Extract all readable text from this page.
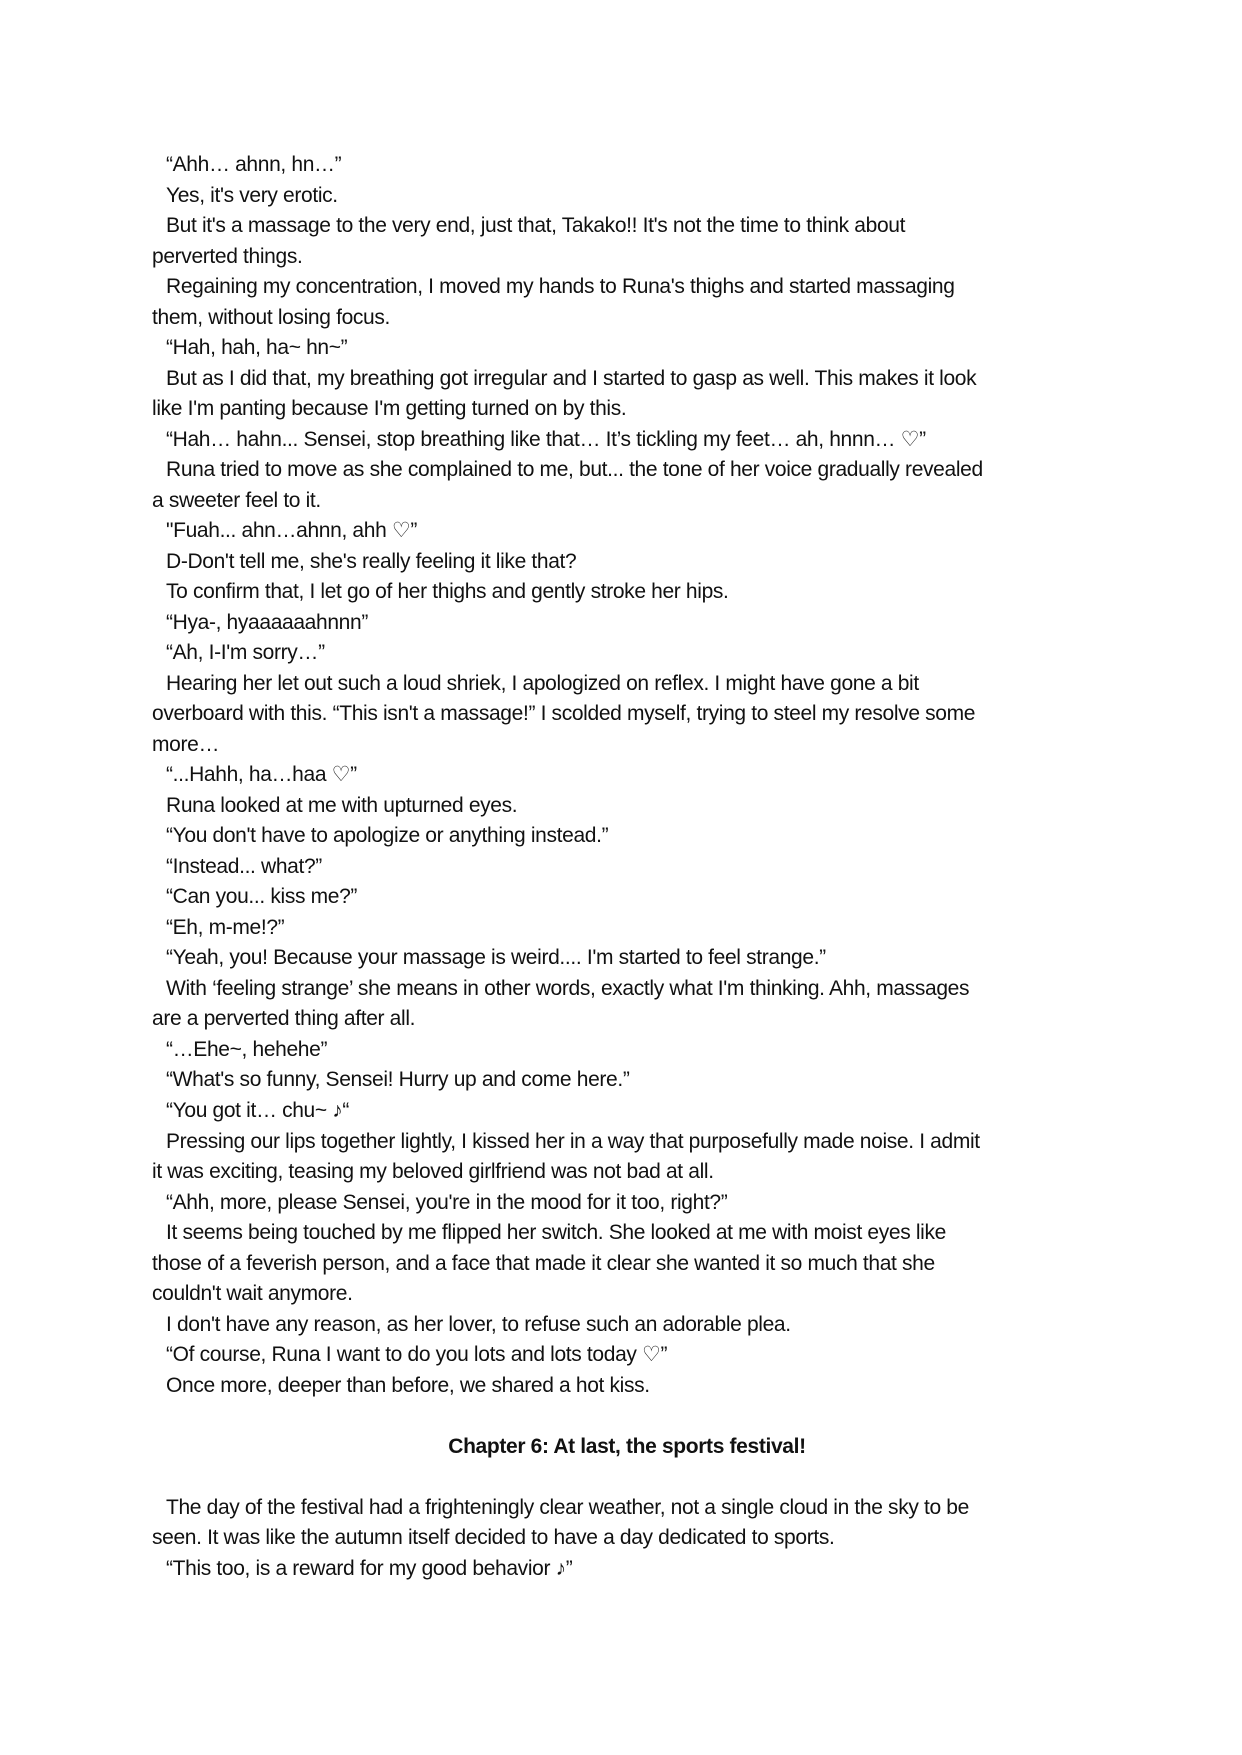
“Ahh… ahnn, hn…”
Yes, it's very erotic.
But it's a massage to the very end, just that, Takako!! It's not the time to think about
perverted things.
Regaining my concentration, I moved my hands to Runa's thighs and started massaging
them, without losing focus.
“Hah, hah, ha~ hn~”
But as I did that, my breathing got irregular and I started to gasp as well. This makes it look
like I'm panting because I'm getting turned on by this.
“Hah… hahn... Sensei, stop breathing like that… It’s tickling my feet… ah, hnnn… ♡”
Runa tried to move as she complained to me, but... the tone of her voice gradually revealed
a sweeter feel to it.
"Fuah... ahn…ahnn, ahh ♡”
D-Don't tell me, she's really feeling it like that?
To confirm that, I let go of her thighs and gently stroke her hips.
“Hya-, hyaaaaaahnnn”
“Ah, I-I'm sorry…”
Hearing her let out such a loud shriek, I apologized on reflex. I might have gone a bit
overboard with this. “This isn't a massage!” I scolded myself, trying to steel my resolve some
more…
“...Hahh, ha…haa ♡”
Runa looked at me with upturned eyes.
“You don't have to apologize or anything instead.”
“Instead... what?”
“Can you... kiss me?”
“Eh, m-me!?”
“Yeah, you! Because your massage is weird.... I'm started to feel strange.”
With ‘feeling strange’ she means in other words, exactly what I'm thinking. Ahh, massages
are a perverted thing after all.
“…Ehe~, hehehe”
“What's so funny, Sensei! Hurry up and come here.”
“You got it… chu~ ♪“
Pressing our lips together lightly, I kissed her in a way that purposefully made noise. I admit
it was exciting, teasing my beloved girlfriend was not bad at all.
“Ahh, more, please Sensei, you're in the mood for it too, right?”
It seems being touched by me flipped her switch. She looked at me with moist eyes like
those of a feverish person, and a face that made it clear she wanted it so much that she
couldn't wait anymore.
I don't have any reason, as her lover, to refuse such an adorable plea.
“Of course, Runa I want to do you lots and lots today ♡”
Once more, deeper than before, we shared a hot kiss.
Chapter 6: At last, the sports festival!
The day of the festival had a frighteningly clear weather, not a single cloud in the sky to be
seen. It was like the autumn itself decided to have a day dedicated to sports.
“This too, is a reward for my good behavior ♪”
